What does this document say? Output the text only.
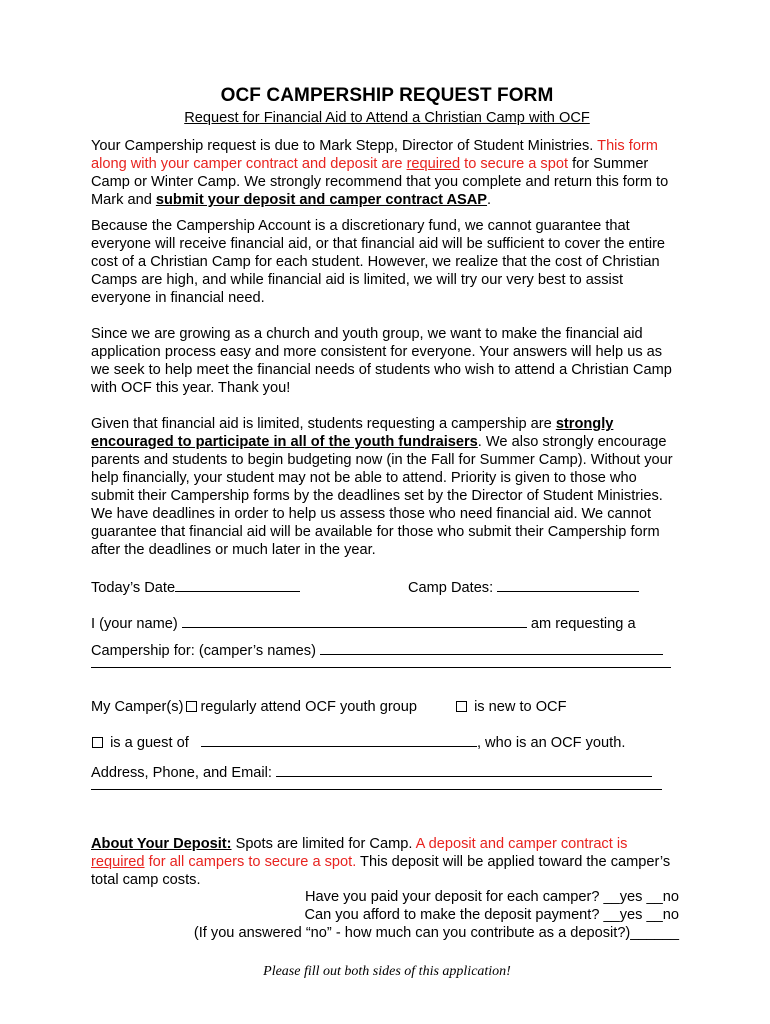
OCF CAMPERSHIP REQUEST FORM
Request for Financial Aid to Attend a Christian Camp with OCF

Your Campership request is due to Mark Stepp, Director of Student Ministries. This form along with your camper contract and deposit are required to secure a spot for Summer Camp or Winter Camp. We strongly recommend that you complete and return this form to Mark and submit your deposit and camper contract ASAP.

Because the Campership Account is a discretionary fund, we cannot guarantee that everyone will receive financial aid, or that financial aid will be sufficient to cover the entire cost of a Christian Camp for each student. However, we realize that the cost of Christian Camps are high, and while financial aid is limited, we will try our very best to assist everyone in financial need.

Since we are growing as a church and youth group, we want to make the financial aid application process easy and more consistent for everyone. Your answers will help us as we seek to help meet the financial needs of students who wish to attend a Christian Camp with OCF this year. Thank you!

Given that financial aid is limited, students requesting a campership are strongly encouraged to participate in all of the youth fundraisers. We also strongly encourage parents and students to begin budgeting now (in the Fall for Summer Camp). Without your help financially, your student may not be able to attend. Priority is given to those who submit their Campership forms by the deadlines set by the Director of Student Ministries. We have deadlines in order to help us assess those who need financial aid. We cannot guarantee that financial aid will be available for those who submit their Campership form after the deadlines or much later in the year.

Today’s Date	Camp Dates:
I (your name)	am requesting a
Campership for: (camper’s names)
My Camper(s) regularly attend OCF youth group	is new to OCF
is a guest of	, who is an OCF youth.
Address, Phone, and Email:
About Your Deposit: Spots are limited for Camp. A deposit and camper contract is required for all campers to secure a spot. This deposit will be applied toward the camper’s total camp costs.
Have you paid your deposit for each camper? __yes __no
Can you afford to make the deposit payment? __yes __no
(If you answered “no” - how much can you contribute as a deposit?)______
Please fill out both sides of this application!
